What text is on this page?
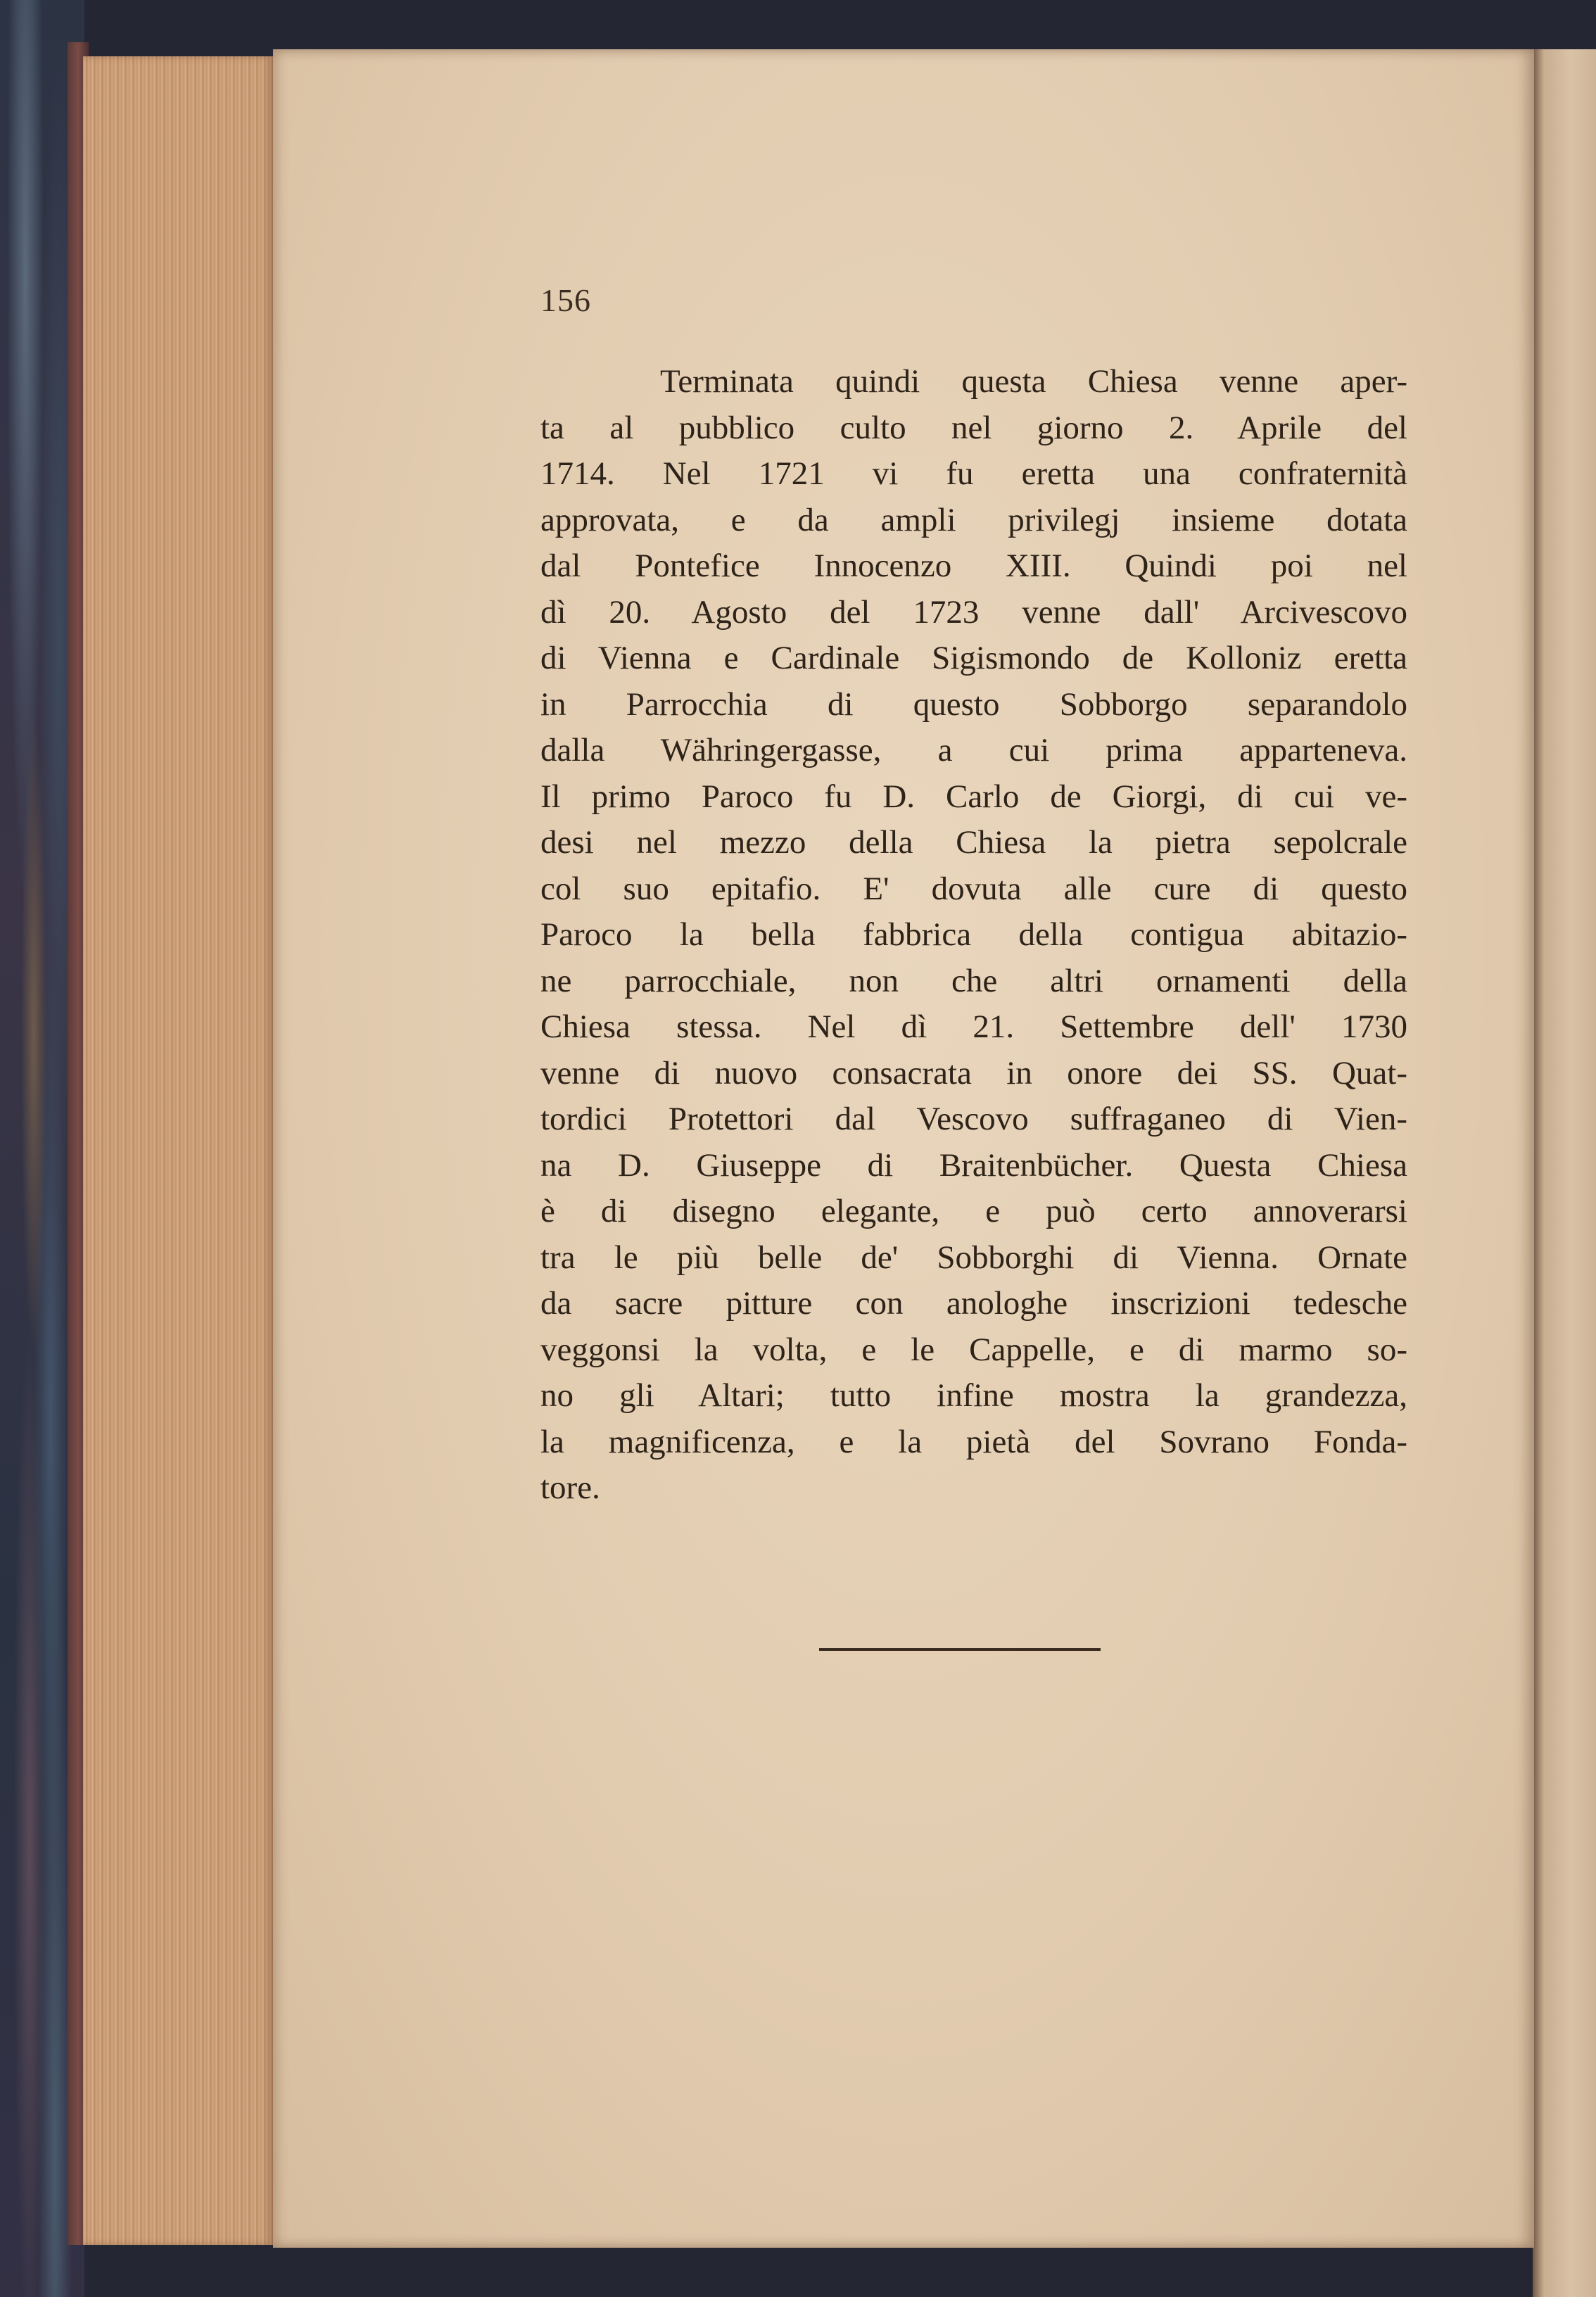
156
Terminata quindi questa Chiesa venne aper-
ta al pubblico culto nel giorno 2. Aprile del
1714. Nel 1721 vi fu eretta una confraternità
approvata, e da ampli privilegj insieme dotata
dal Pontefice Innocenzo XIII. Quindi poi nel
dì 20. Agosto del 1723 venne dall' Arcivescovo
di Vienna e Cardinale Sigismondo de Kolloniz eretta
in Parrocchia di questo Sobborgo separandolo
dalla Währingergasse, a cui prima apparteneva.
Il primo Paroco fu D. Carlo de Giorgi, di cui ve-
desi nel mezzo della Chiesa la pietra sepolcrale
col suo epitafio. E' dovuta alle cure di questo
Paroco la bella fabbrica della contigua abitazio-
ne parrocchiale, non che altri ornamenti della
Chiesa stessa. Nel dì 21. Settembre dell' 1730
venne di nuovo consacrata in onore dei SS. Quat-
tordici Protettori dal Vescovo suffraganeo di Vien-
na D. Giuseppe di Braitenbücher. Questa Chiesa
è di disegno elegante, e può certo annoverarsi
tra le più belle de' Sobborghi di Vienna. Ornate
da sacre pitture con anologhe inscrizioni tedesche
veggonsi la volta, e le Cappelle, e di marmo so-
no gli Altari; tutto infine mostra la grandezza,
la magnificenza, e la pietà del Sovrano Fonda-
tore.
